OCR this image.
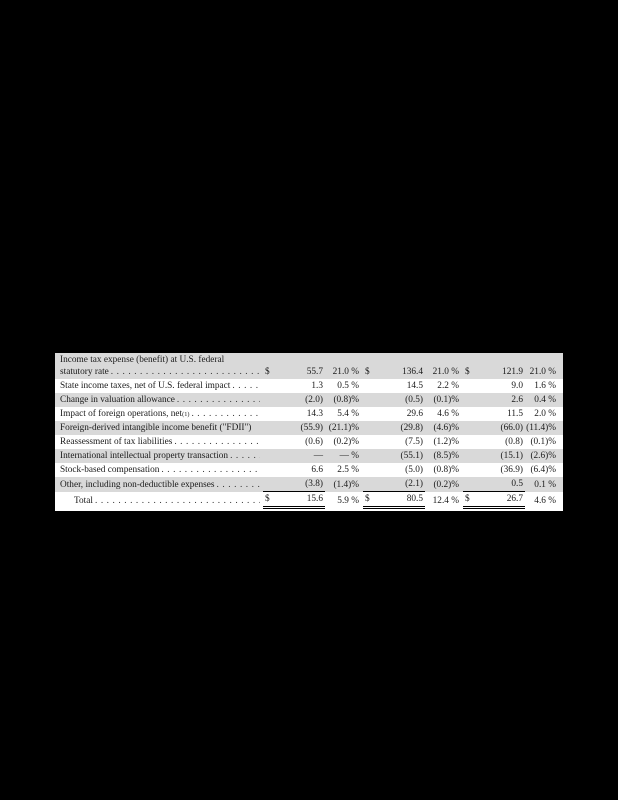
Income tax expense (benefit) at U.S. federal
statutory rate
. . .	$	55.7	21.0 %	$	136.4	21.0 %	$	121.9	21.0 %

State income taxes, net of U.S. federal impact
. . .		1.3	0.5 %		14.5	2.2 %		9.0	1.6 %

Change in valuation allowance
. . .		(2.0)	(0.8)%		(0.5)	(0.1)%		2.6	0.4 %

Impact of foreign operations, net (1)
. . .		14.3	5.4 %		29.6	4.6 %		11.5	2.0 %

Foreign-derived intangible income benefit ("FDII")		(55.9)	(21.1)%		(29.8)	(4.6)%		(66.0)	(11.4)%

Reassessment of tax liabilities
. . .		(0.6)	(0.2)%		(7.5)	(1.2)%		(0.8)	(0.1)%

International intellectual property transaction
. . .		—	— %		(55.1)	(8.5)%		(15.1)	(2.6)%

Stock-based compensation
. . .		6.6	2.5 %		(5.0)	(0.8)%		(36.9)	(6.4)%

Other, including non-deductible expenses
. . .		(3.8)	(1.4)%		(2.1)	(0.2)%		0.5	0.1 %

Total
. . .	$	15.6	5.9 %	$	80.5	12.4 %	$	26.7	4.6 %
